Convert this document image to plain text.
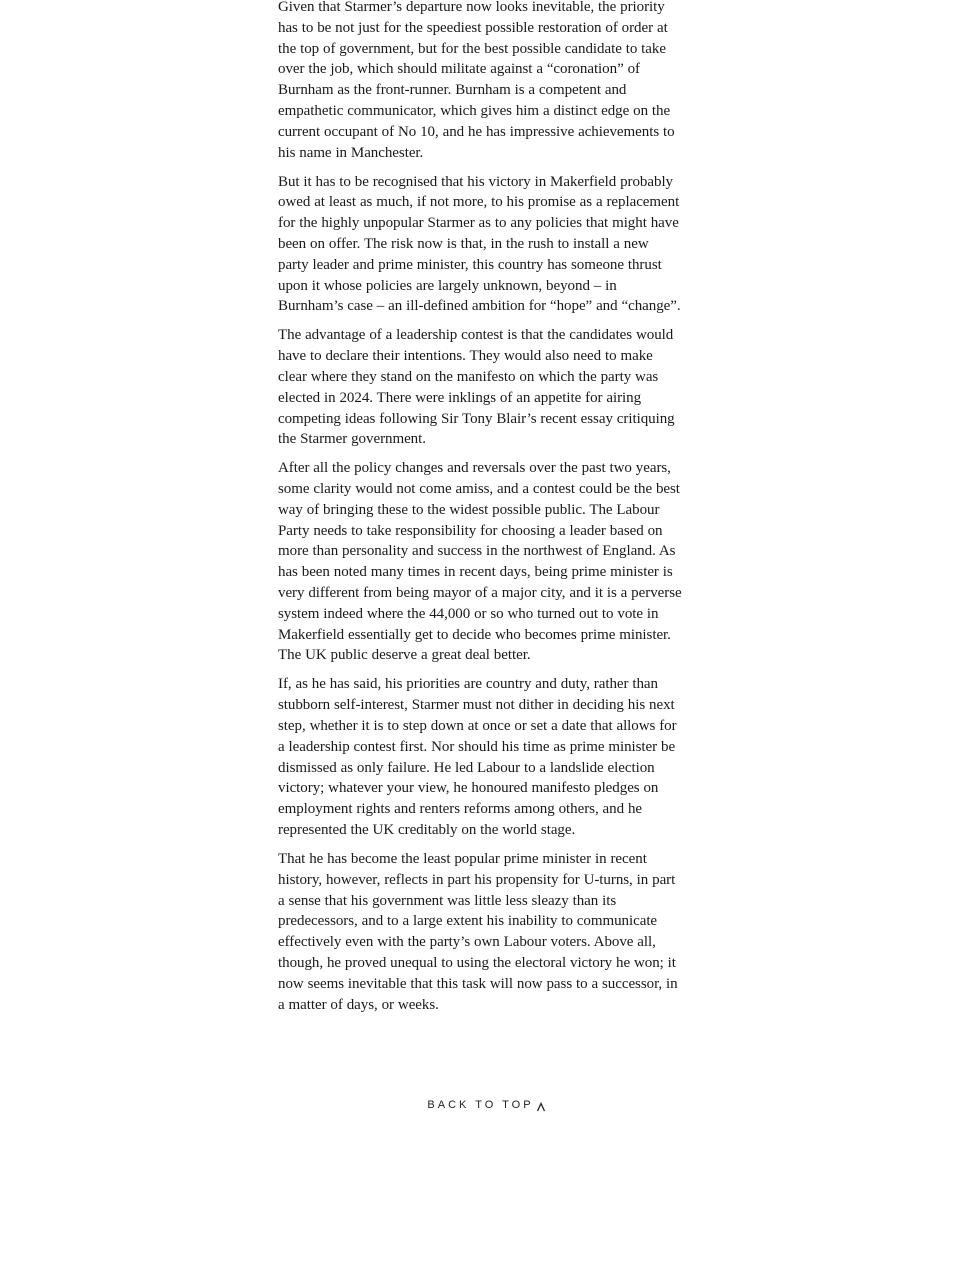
Given that Starmer’s departure now looks inevitable, the priority has to be not just for the speediest possible restoration of order at the top of government, but for the best possible candidate to take over the job, which should militate against a “coronation” of Burnham as the front-runner. Burnham is a competent and empathetic communicator, which gives him a distinct edge on the current occupant of No 10, and he has impressive achievements to his name in Manchester.

But it has to be recognised that his victory in Makerfield probably owed at least as much, if not more, to his promise as a replacement for the highly unpopular Starmer as to any policies that might have been on offer. The risk now is that, in the rush to install a new party leader and prime minister, this country has someone thrust upon it whose policies are largely unknown, beyond – in Burnham’s case – an ill-defined ambition for “hope” and “change”.

The advantage of a leadership contest is that the candidates would have to declare their intentions. They would also need to make clear where they stand on the manifesto on which the party was elected in 2024. There were inklings of an appetite for airing competing ideas following Sir Tony Blair’s recent essay critiquing the Starmer government.

After all the policy changes and reversals over the past two years, some clarity would not come amiss, and a contest could be the best way of bringing these to the widest possible public. The Labour Party needs to take responsibility for choosing a leader based on more than personality and success in the northwest of England. As has been noted many times in recent days, being prime minister is very different from being mayor of a major city, and it is a perverse system indeed where the 44,000 or so who turned out to vote in Makerfield essentially get to decide who becomes prime minister. The UK public deserve a great deal better.

If, as he has said, his priorities are country and duty, rather than stubborn self-interest, Starmer must not dither in deciding his next step, whether it is to step down at once or set a date that allows for a leadership contest first. Nor should his time as prime minister be dismissed as only failure. He led Labour to a landslide election victory; whatever your view, he honoured manifesto pledges on employment rights and renters reforms among others, and he represented the UK creditably on the world stage.

That he has become the least popular prime minister in recent history, however, reflects in part his propensity for U-turns, in part a sense that his government was little less sleazy than its predecessors, and to a large extent his inability to communicate effectively even with the party’s own Labour voters. Above all, though, he proved unequal to using the electoral victory he won; it now seems inevitable that this task will now pass to a successor, in a matter of days, or weeks.

BACK TO TOP
